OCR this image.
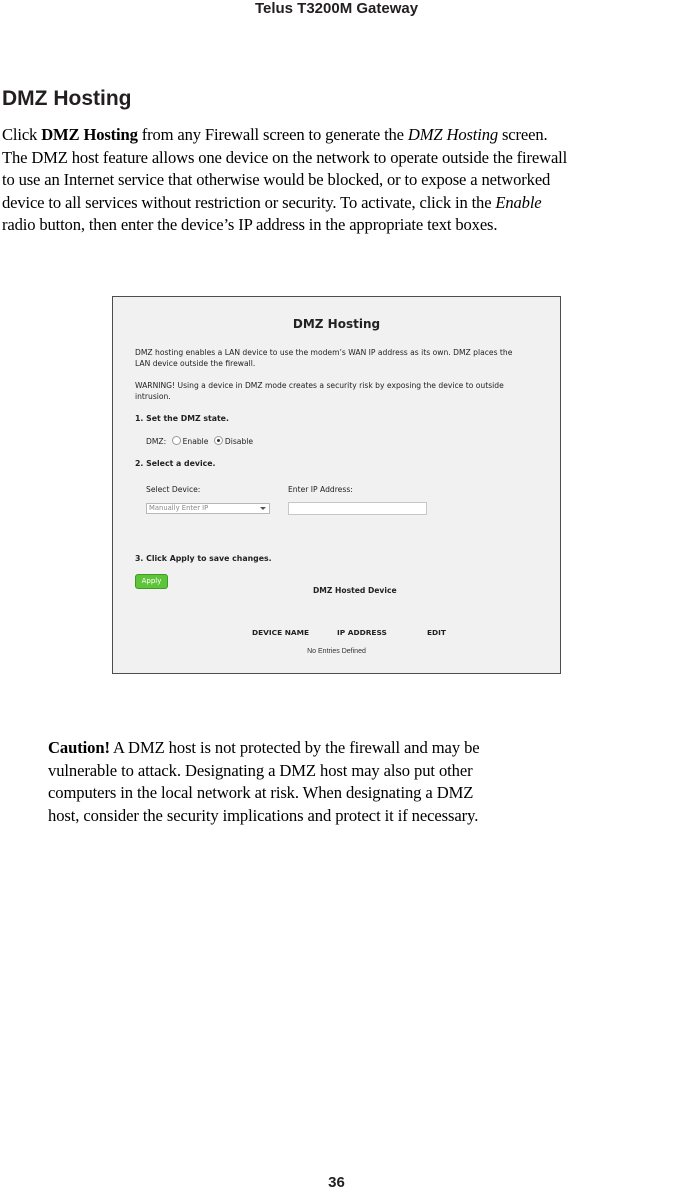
Telus T3200M Gateway
DMZ Hosting
Click DMZ Hosting from any Firewall screen to generate the DMZ Hosting screen.
The DMZ host feature allows one device on the network to operate outside the firewall
to use an Internet service that otherwise would be blocked, or to expose a networked
device to all services without restriction or security. To activate, click in the Enable
radio button, then enter the device’s IP address in the appropriate text boxes.
DMZ Hosting
DMZ hosting enables a LAN device to use the modem’s WAN IP address as its own. DMZ places the
LAN device outside the firewall.
WARNING! Using a device in DMZ mode creates a security risk by exposing the device to outside
intrusion.
1. Set the DMZ state.
DMZ: Enable Disable
2. Select a device.
Select Device:	Enter IP Address:
Manually Enter IP
3. Click Apply to save changes.
Apply
DMZ Hosted Device
DEVICE NAME	IP ADDRESS	EDIT
No Entries Defined
Caution! A DMZ host is not protected by the firewall and may be
vulnerable to attack. Designating a DMZ host may also put other
computers in the local network at risk. When designating a DMZ
host, consider the security implications and protect it if necessary.
36
